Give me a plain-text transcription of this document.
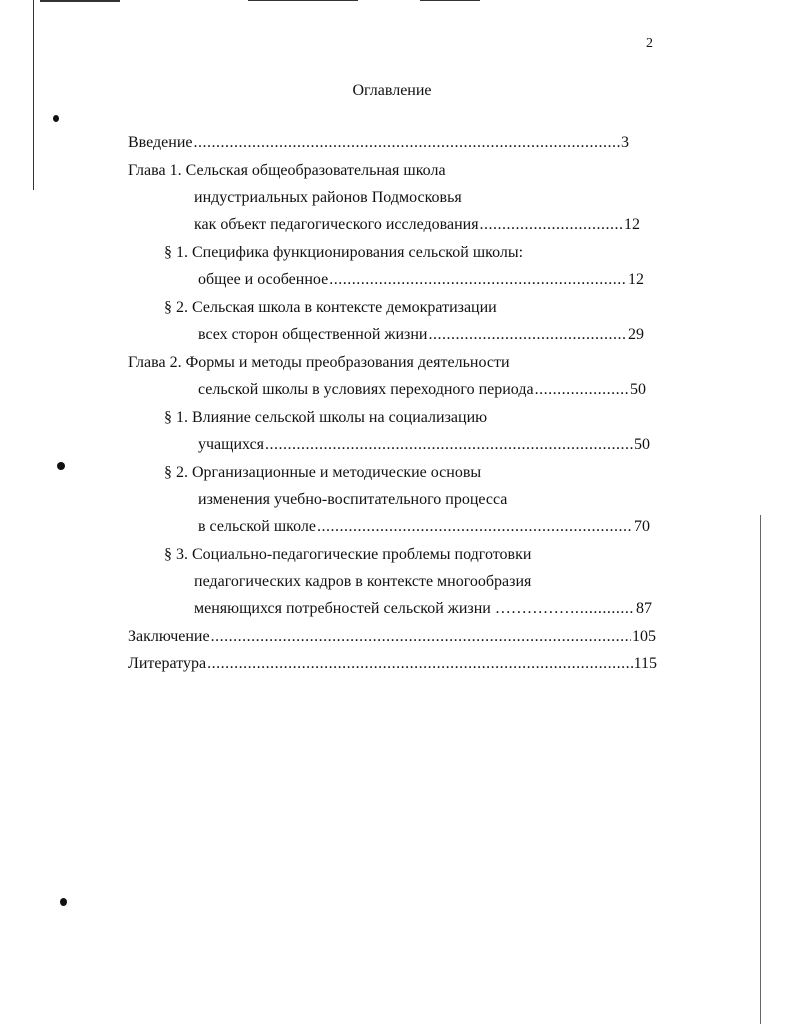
2
Оглавление
Введение .....	3
Глава 1. Сельская общеобразовательная школа
индустриальных районов Подмосковья
как объект педагогического исследования .....	12
§ 1. Специфика функционирования сельской школы:
общее и особенное .....	12
§ 2. Сельская школа в контексте демократизации
всех сторон общественной жизни .....	29
Глава 2. Формы и методы преобразования деятельности
сельской школы в условиях переходного периода .....	50
§ 1. Влияние сельской школы на социализацию
учащихся .....	50
§ 2. Организационные и методические основы
изменения учебно-воспитательного процесса
в сельской школе .....	70
§ 3. Социально-педагогические проблемы подготовки
педагогических кадров в контексте многообразия
меняющихся потребностей сельской жизни ……………. .....	87
Заключение .....	105
Литература .....	115
